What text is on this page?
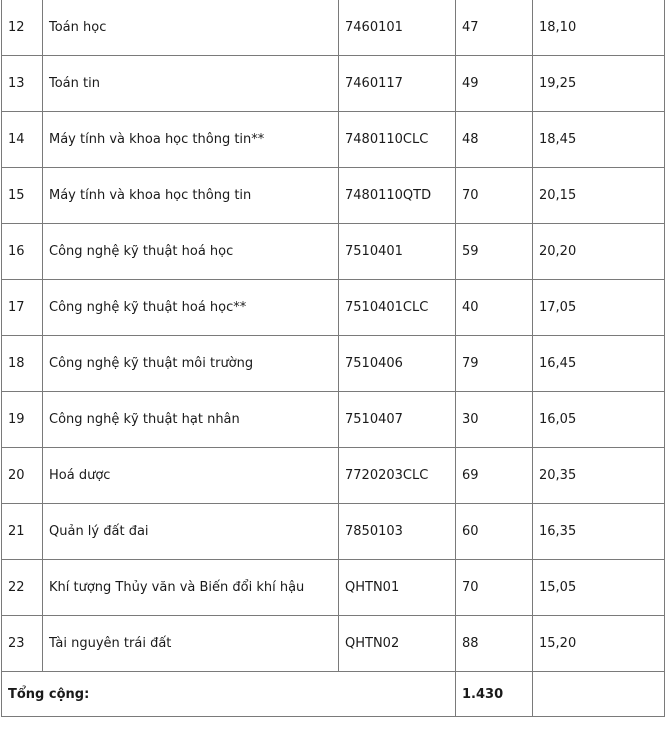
12	Toán học	7460101	47	18,10
13	Toán tin	7460117	49	19,25
14	Máy tính và khoa học thông tin**	7480110CLC	48	18,45
15	Máy tính và khoa học thông tin	7480110QTD	70	20,15
16	Công nghệ kỹ thuật hoá học	7510401	59	20,20
17	Công nghệ kỹ thuật hoá học**	7510401CLC	40	17,05
18	Công nghệ kỹ thuật môi trường	7510406	79	16,45
19	Công nghệ kỹ thuật hạt nhân	7510407	30	16,05
20	Hoá dược	7720203CLC	69	20,35
21	Quản lý đất đai	7850103	60	16,35
22	Khí tượng Thủy văn và Biến đổi khí hậu	QHTN01	70	15,05
23	Tài nguyên trái đất	QHTN02	88	15,20
Tổng cộng:			1.430	
